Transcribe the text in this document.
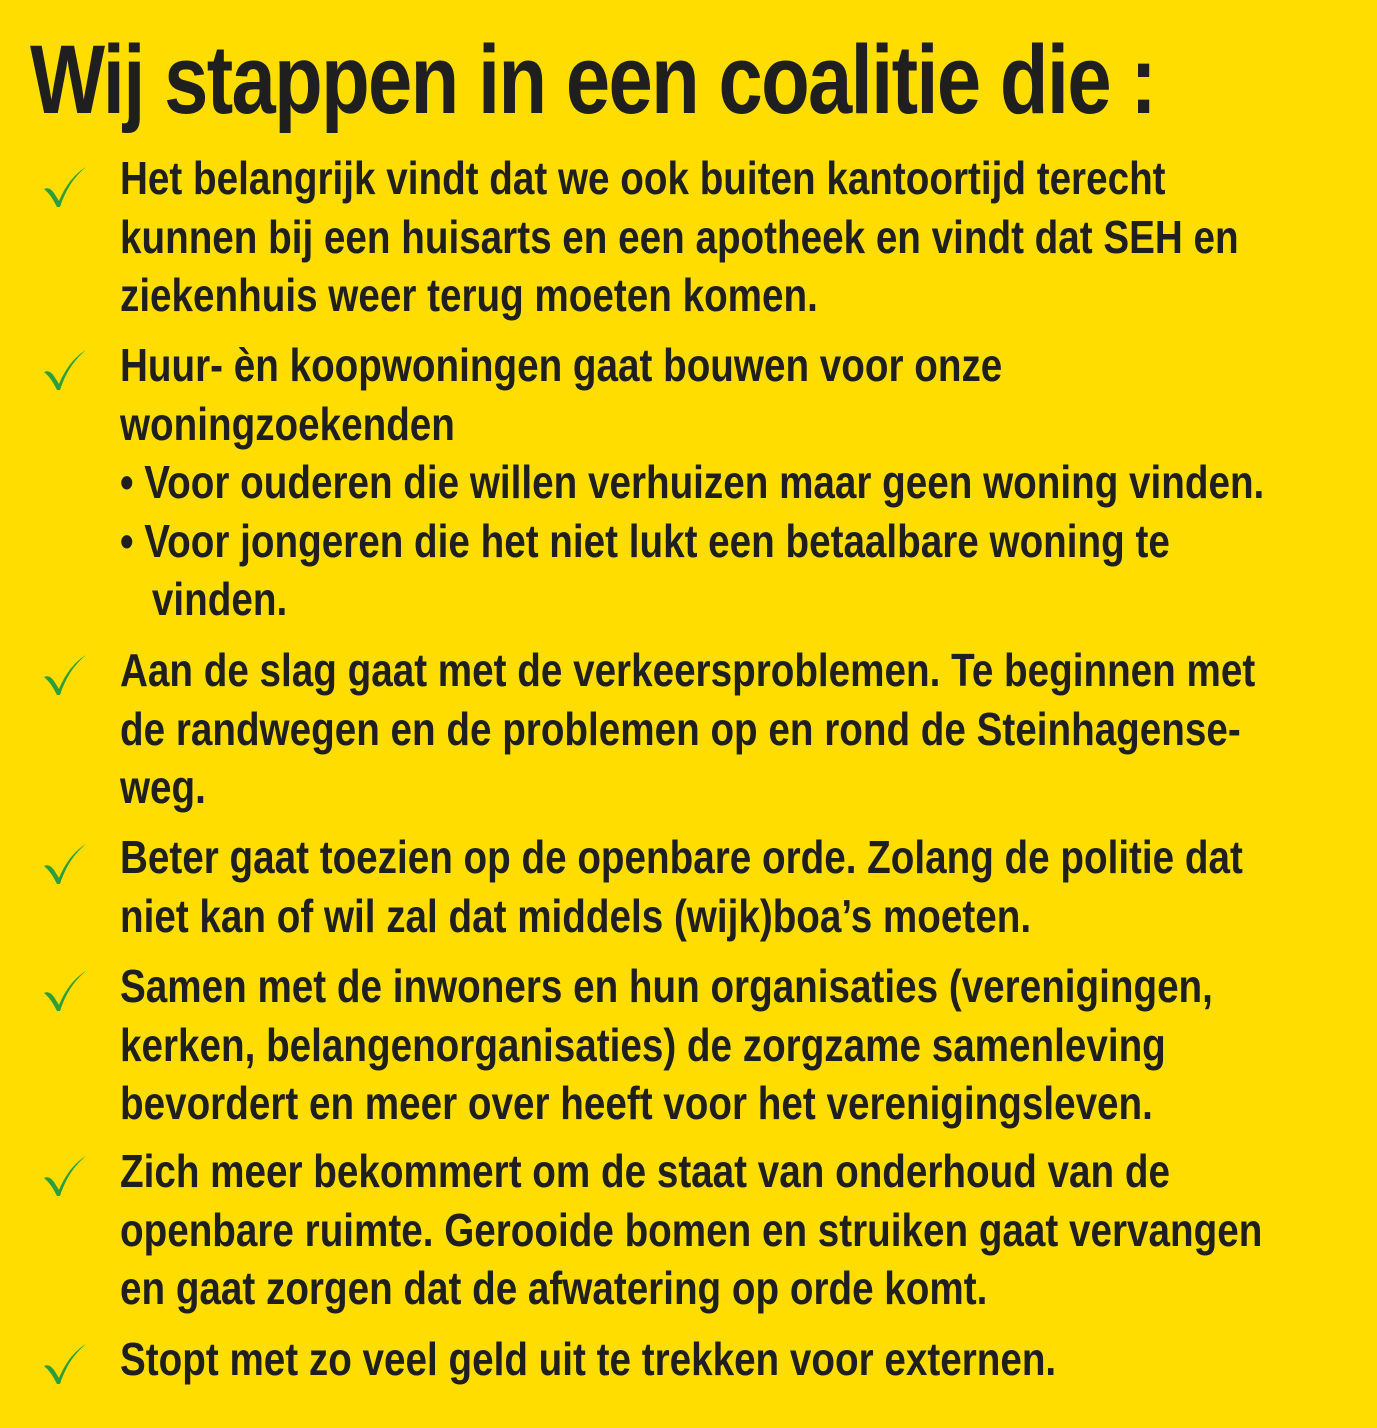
Wij stappen in een coalitie die :
Het belangrijk vindt dat we ook buiten kantoortijd terecht
kunnen bij een huisarts en een apotheek en vindt dat SEH en
ziekenhuis weer terug moeten komen.
Huur- èn koopwoningen gaat bouwen voor onze
woningzoekenden
• Voor ouderen die willen verhuizen maar geen woning vinden.
• Voor jongeren die het niet lukt een betaalbare woning te
vinden.
Aan de slag gaat met de verkeersproblemen. Te beginnen met
de randwegen en de problemen op en rond de Steinhagense-
weg.
Beter gaat toezien op de openbare orde. Zolang de politie dat
niet kan of wil zal dat middels (wijk)boa’s moeten.
Samen met de inwoners en hun organisaties (verenigingen,
kerken, belangenorganisaties) de zorgzame samenleving
bevordert en meer over heeft voor het verenigingsleven.
Zich meer bekommert om de staat van onderhoud van de
openbare ruimte. Gerooide bomen en struiken gaat vervangen
en gaat zorgen dat de afwatering op orde komt.
Stopt met zo veel geld uit te trekken voor externen.
